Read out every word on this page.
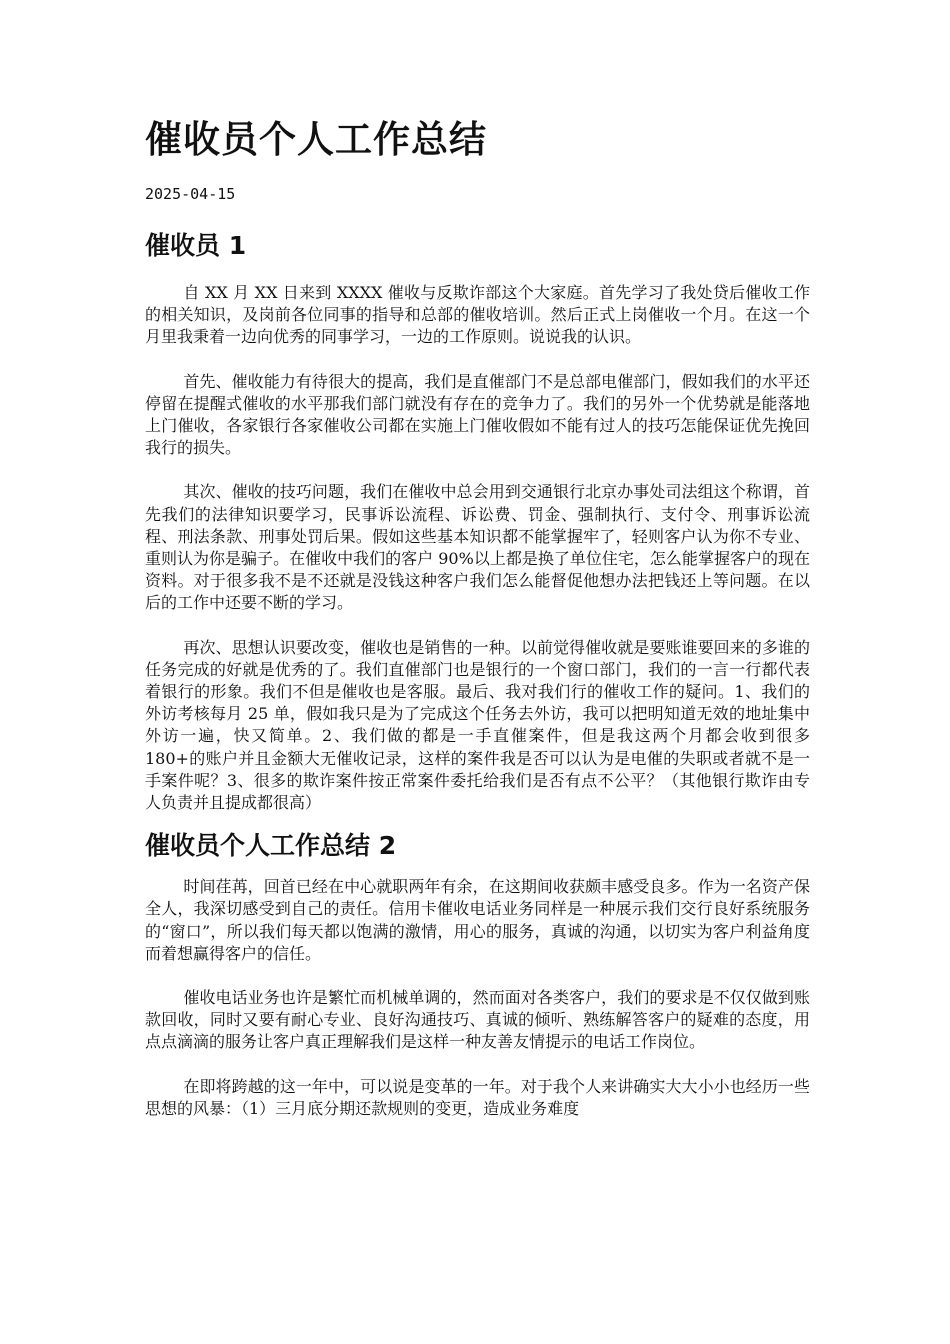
催收员个人工作总结
2025-04-15
催收员 1

自 XX 月 XX 日来到 XXXX 催收与反欺诈部这个大家庭。首先学习了我处贷后催收工作的相关知识，及岗前各位同事的指导和总部的催收培训。然后正式上岗催收一个月。在这一个月里我秉着一边向优秀的同事学习，一边的工作原则。说说我的认识。

首先、催收能力有待很大的提高，我们是直催部门不是总部电催部门，假如我们的水平还停留在提醒式催收的水平那我们部门就没有存在的竞争力了。我们的另外一个优势就是能落地上门催收，各家银行各家催收公司都在实施上门催收假如不能有过人的技巧怎能保证优先挽回我行的损失。

其次、催收的技巧问题，我们在催收中总会用到交通银行北京办事处司法组这个称谓，首先我们的法律知识要学习，民事诉讼流程、诉讼费、罚金、强制执行、支付令、刑事诉讼流程、刑法条款、刑事处罚后果。假如这些基本知识都不能掌握牢了，轻则客户认为你不专业、重则认为你是骗子。在催收中我们的客户 90%以上都是换了单位住宅，怎么能掌握客户的现在资料。对于很多我不是不还就是没钱这种客户我们怎么能督促他想办法把钱还上等问题。在以后的工作中还要不断的学习。

再次、思想认识要改变，催收也是销售的一种。以前觉得催收就是要账谁要回来的多谁的任务完成的好就是优秀的了。我们直催部门也是银行的一个窗口部门，我们的一言一行都代表着银行的形象。我们不但是催收也是客服。最后、我对我们行的催收工作的疑问。1、我们的外访考核每月 25 单，假如我只是为了完成这个任务去外访，我可以把明知道无效的地址集中外访一遍，快又简单。2、我们做的都是一手直催案件，但是我这两个月都会收到很多 180+的账户并且金额大无催收记录，这样的案件我是否可以认为是电催的失职或者就不是一手案件呢？3、很多的欺诈案件按正常案件委托给我们是否有点不公平？（其他银行欺诈由专人负责并且提成都很高）

催收员个人工作总结 2

时间荏苒，回首已经在中心就职两年有余，在这期间收获颇丰感受良多。作为一名资产保全人，我深切感受到自己的责任。信用卡催收电话业务同样是一种展示我们交行良好系统服务的“窗口”，所以我们每天都以饱满的激情，用心的服务，真诚的沟通，以切实为客户利益角度而着想赢得客户的信任。

催收电话业务也许是繁忙而机械单调的，然而面对各类客户，我们的要求是不仅仅做到账款回收，同时又要有耐心专业、良好沟通技巧、真诚的倾听、熟练解答客户的疑难的态度，用点点滴滴的服务让客户真正理解我们是这样一种友善友情提示的电话工作岗位。

在即将跨越的这一年中，可以说是变革的一年。对于我个人来讲确实大大小小也经历一些思想的风暴：（1）三月底分期还款规则的变更，造成业务难度
